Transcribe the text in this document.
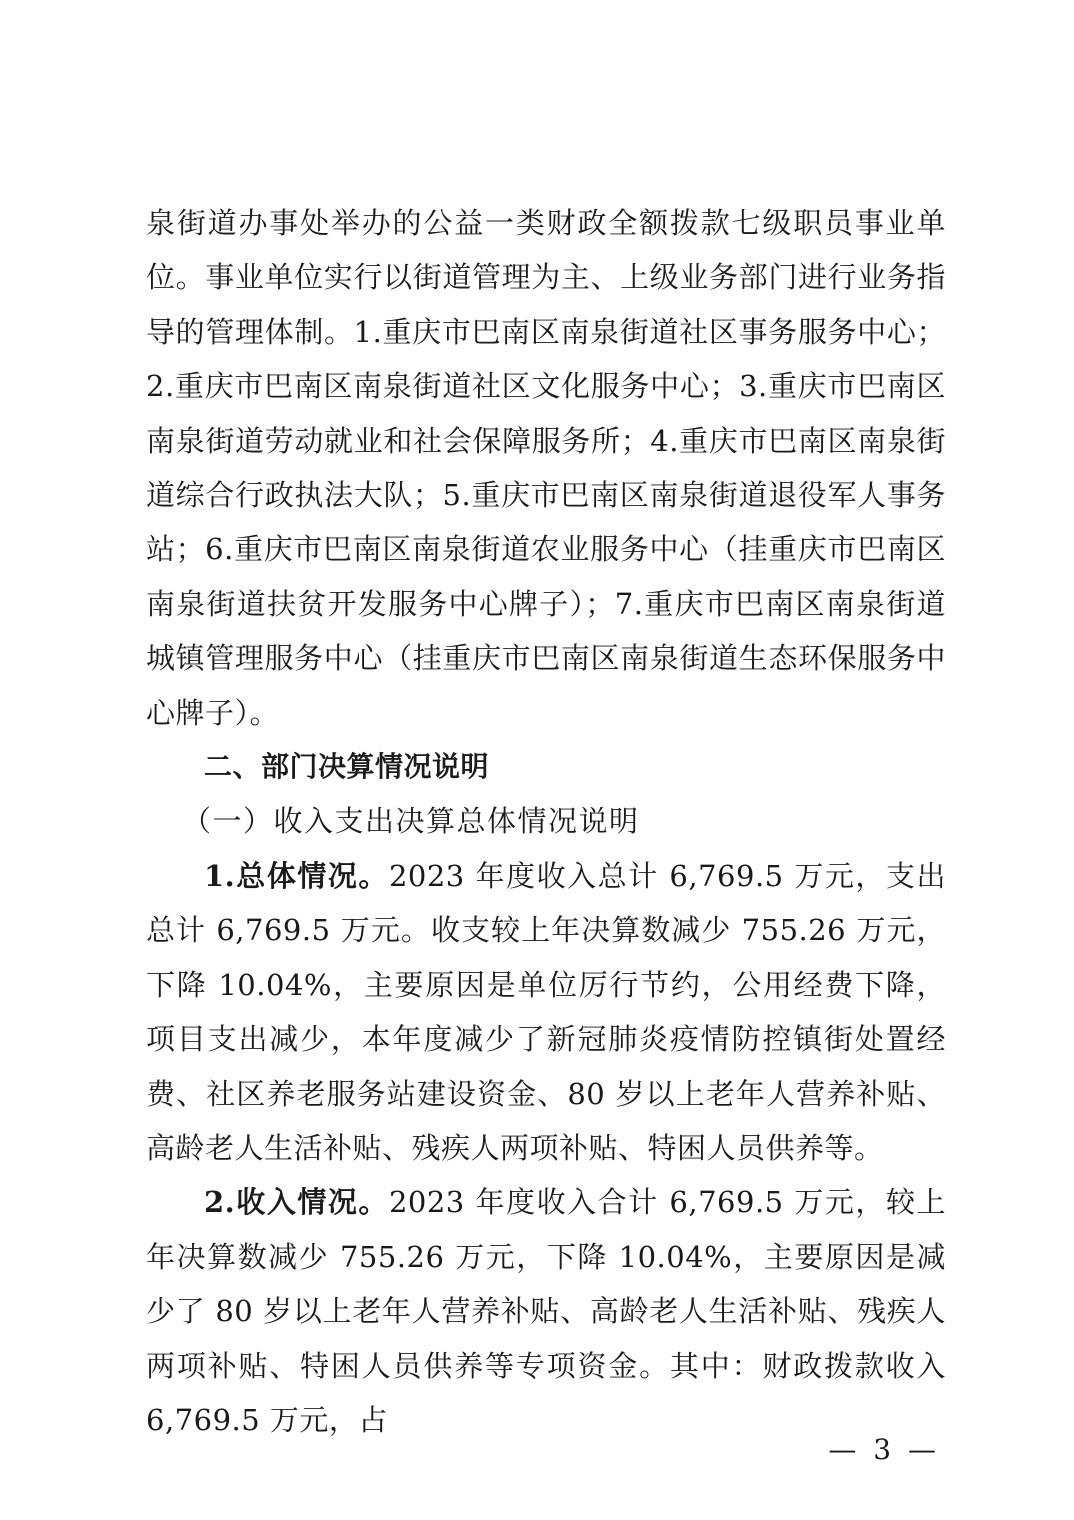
泉街道办事处举办的公益一类财政全额拨款七级职员事业单位。事业单位实行以街道管理为主、上级业务部门进行业务指导的管理体制。1.重庆市巴南区南泉街道社区事务服务中心；2.重庆市巴南区南泉街道社区文化服务中心；3.重庆市巴南区南泉街道劳动就业和社会保障服务所；4.重庆市巴南区南泉街道综合行政执法大队；5.重庆市巴南区南泉街道退役军人事务站；6.重庆市巴南区南泉街道农业服务中心（挂重庆市巴南区南泉街道扶贫开发服务中心牌子）；7.重庆市巴南区南泉街道城镇管理服务中心（挂重庆市巴南区南泉街道生态环保服务中心牌子）。

二、部门决算情况说明

（一）收入支出决算总体情况说明

1.总体情况。2023 年度收入总计 6,769.5 万元，支出总计 6,769.5 万元。收支较上年决算数减少 755.26 万元，下降 10.04%，主要原因是单位厉行节约，公用经费下降，项目支出减少，本年度减少了新冠肺炎疫情防控镇街处置经费、社区养老服务站建设资金、80 岁以上老年人营养补贴、高龄老人生活补贴、残疾人两项补贴、特困人员供养等。

2.收入情况。2023 年度收入合计 6,769.5 万元，较上年决算数减少 755.26 万元，下降 10.04%，主要原因是减少了 80 岁以上老年人营养补贴、高龄老人生活补贴、残疾人两项补贴、特困人员供养等专项资金。其中：财政拨款收入 6,769.5 万元，占

— 3 —
